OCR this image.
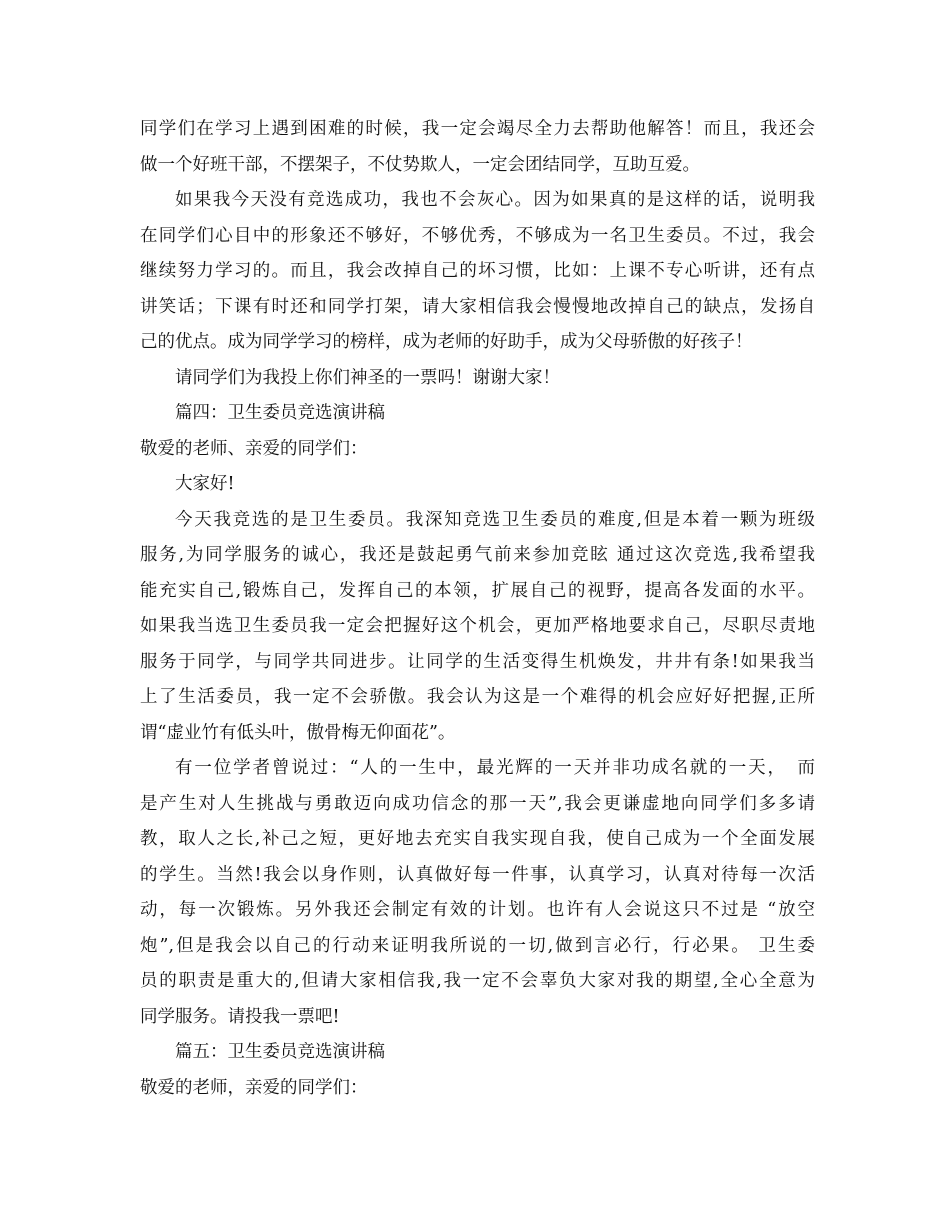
同学们在学习上遇到困难的时候，我一定会竭尽全力去帮助他解答！而且，我还会
做一个好班干部，不摆架子，不仗势欺人，一定会团结同学，互助互爱。
如果我今天没有竞选成功，我也不会灰心。因为如果真的是这样的话，说明我
在同学们心目中的形象还不够好，不够优秀，不够成为一名卫生委员。不过，我会
继续努力学习的。而且，我会改掉自己的坏习惯，比如：上课不专心听讲，还有点
讲笑话；下课有时还和同学打架，请大家相信我会慢慢地改掉自己的缺点，发扬自
己的优点。成为同学学习的榜样，成为老师的好助手，成为父母骄傲的好孩子！
请同学们为我投上你们神圣的一票吗！谢谢大家！
篇四：卫生委员竞选演讲稿
敬爱的老师、亲爱的同学们：
大家好!
今天我竞选的是卫生委员。我深知竞选卫生委员的难度,但是本着一颗为班级
服务,为同学服务的诚心，我还是鼓起勇气前来参加竞眩 通过这次竞选,我希望我
能充实自己,锻炼自己，发挥自己的本领，扩展自己的视野，提高各发面的水平。
如果我当选卫生委员我一定会把握好这个机会，更加严格地要求自己，尽职尽责地
服务于同学，与同学共同进步。让同学的生活变得生机焕发，井井有条!如果我当
上了生活委员，我一定不会骄傲。我会认为这是一个难得的机会应好好把握,正所
谓“虚业竹有低头叶，傲骨梅无仰面花”。
有一位学者曾说过：“人的一生中，最光辉的一天并非功成名就的一天，　而
是产生对人生挑战与勇敢迈向成功信念的那一天”,我会更谦虚地向同学们多多请
教，取人之长,补己之短，更好地去充实自我实现自我，使自己成为一个全面发展
的学生。当然!我会以身作则，认真做好每一件事，认真学习，认真对待每一次活
动，每一次锻炼。另外我还会制定有效的计划。也许有人会说这只不过是 “放空
炮”,但是我会以自己的行动来证明我所说的一切,做到言必行，行必果。 卫生委
员的职责是重大的,但请大家相信我,我一定不会辜负大家对我的期望,全心全意为
同学服务。请投我一票吧!
篇五：卫生委员竞选演讲稿
敬爱的老师，亲爱的同学们：
